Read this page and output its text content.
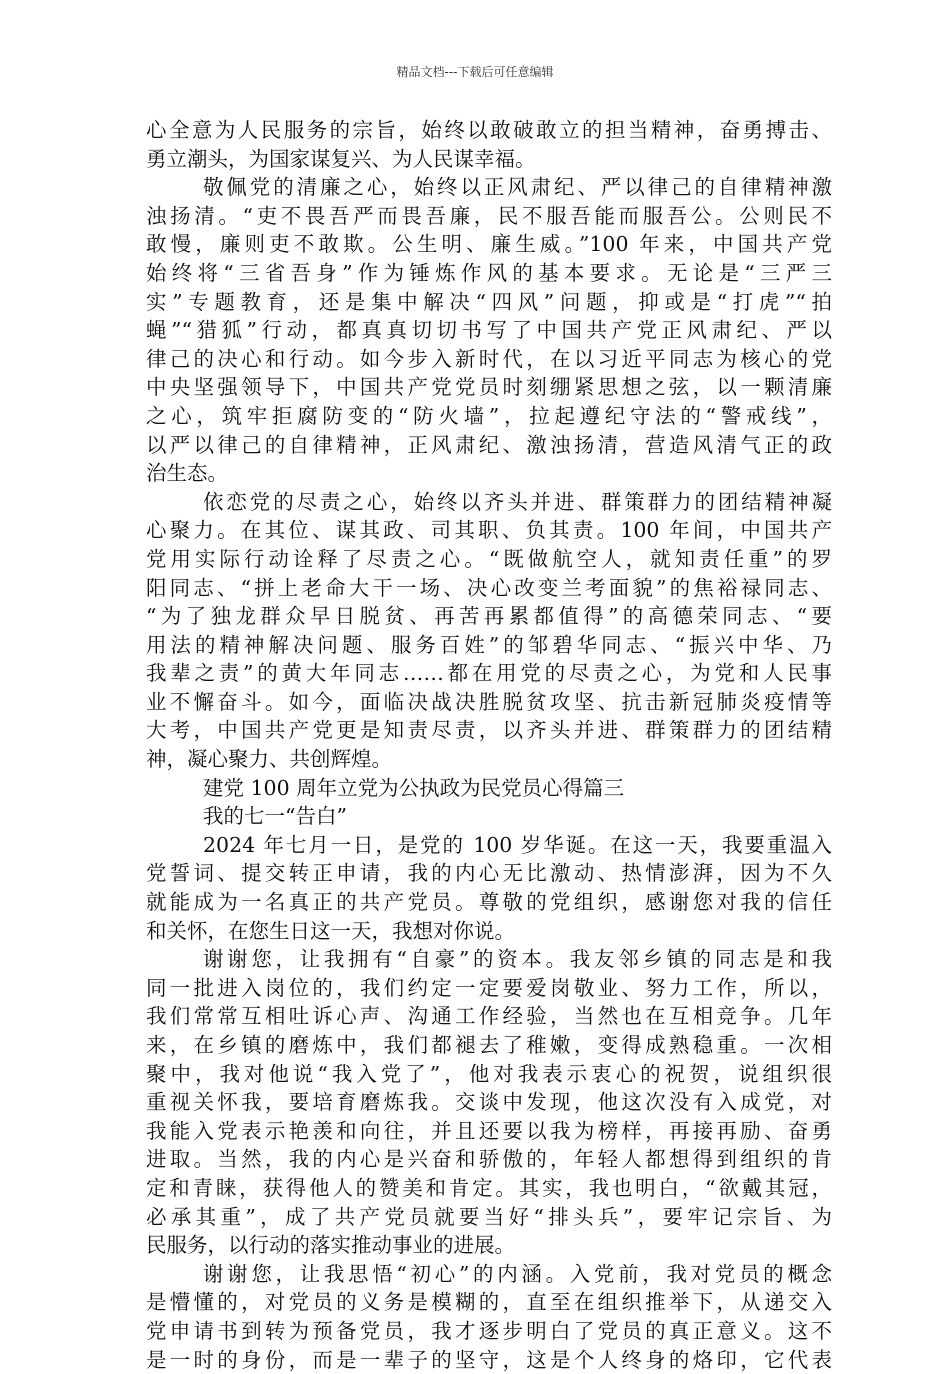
精品文档---下载后可任意编辑
心全意为人民服务的宗旨，始终以敢破敢立的担当精神，奋勇搏击、
勇立潮头，为国家谋复兴、为人民谋幸福。
敬佩党的清廉之心，始终以正风肃纪、严以律己的自律精神激
浊扬清。“吏不畏吾严而畏吾廉，民不服吾能而服吾公。公则民不
敢慢，廉则吏不敢欺。公生明、廉生威。”100 年来，中国共产党
始终将“三省吾身”作为锤炼作风的基本要求。无论是“三严三
实”专题教育，还是集中解决“四风”问题，抑或是“打虎”“拍
蝇”“猎狐”行动，都真真切切书写了中国共产党正风肃纪、严以
律己的决心和行动。如今步入新时代，在以习近平同志为核心的党
中央坚强领导下，中国共产党党员时刻绷紧思想之弦，以一颗清廉
之心，筑牢拒腐防变的“防火墙”，拉起遵纪守法的“警戒线”，
以严以律己的自律精神，正风肃纪、激浊扬清，营造风清气正的政
治生态。
依恋党的尽责之心，始终以齐头并进、群策群力的团结精神凝
心聚力。在其位、谋其政、司其职、负其责。100 年间，中国共产
党用实际行动诠释了尽责之心。“既做航空人，就知责任重”的罗
阳同志、“拼上老命大干一场、决心改变兰考面貌”的焦裕禄同志、
“为了独龙群众早日脱贫、再苦再累都值得”的高德荣同志、“要
用法的精神解决问题、服务百姓”的邹碧华同志、“振兴中华、乃
我辈之责”的黄大年同志……都在用党的尽责之心，为党和人民事
业不懈奋斗。如今，面临决战决胜脱贫攻坚、抗击新冠肺炎疫情等
大考，中国共产党更是知责尽责，以齐头并进、群策群力的团结精
神，凝心聚力、共创辉煌。
建党 100 周年立党为公执政为民党员心得篇三
我的七一“告白”
2024 年七月一日，是党的 100 岁华诞。在这一天，我要重温入
党誓词、提交转正申请，我的内心无比激动、热情澎湃，因为不久
就能成为一名真正的共产党员。尊敬的党组织，感谢您对我的信任
和关怀，在您生日这一天，我想对你说。
谢谢您，让我拥有“自豪”的资本。我友邻乡镇的同志是和我
同一批进入岗位的，我们约定一定要爱岗敬业、努力工作，所以，
我们常常互相吐诉心声、沟通工作经验，当然也在互相竞争。几年
来，在乡镇的磨炼中，我们都褪去了稚嫩，变得成熟稳重。一次相
聚中，我对他说“我入党了”，他对我表示衷心的祝贺，说组织很
重视关怀我，要培育磨炼我。交谈中发现，他这次没有入成党，对
我能入党表示艳羡和向往，并且还要以我为榜样，再接再励、奋勇
进取。当然，我的内心是兴奋和骄傲的，年轻人都想得到组织的肯
定和青睐，获得他人的赞美和肯定。其实，我也明白，“欲戴其冠，
必承其重”，成了共产党员就要当好“排头兵”，要牢记宗旨、为
民服务，以行动的落实推动事业的进展。
谢谢您，让我思悟“初心”的内涵。入党前，我对党员的概念
是懵懂的，对党员的义务是模糊的，直至在组织推举下，从递交入
党申请书到转为预备党员，我才逐步明白了党员的真正意义。这不
是一时的身份，而是一辈子的坚守，这是个人终身的烙印，它代表
